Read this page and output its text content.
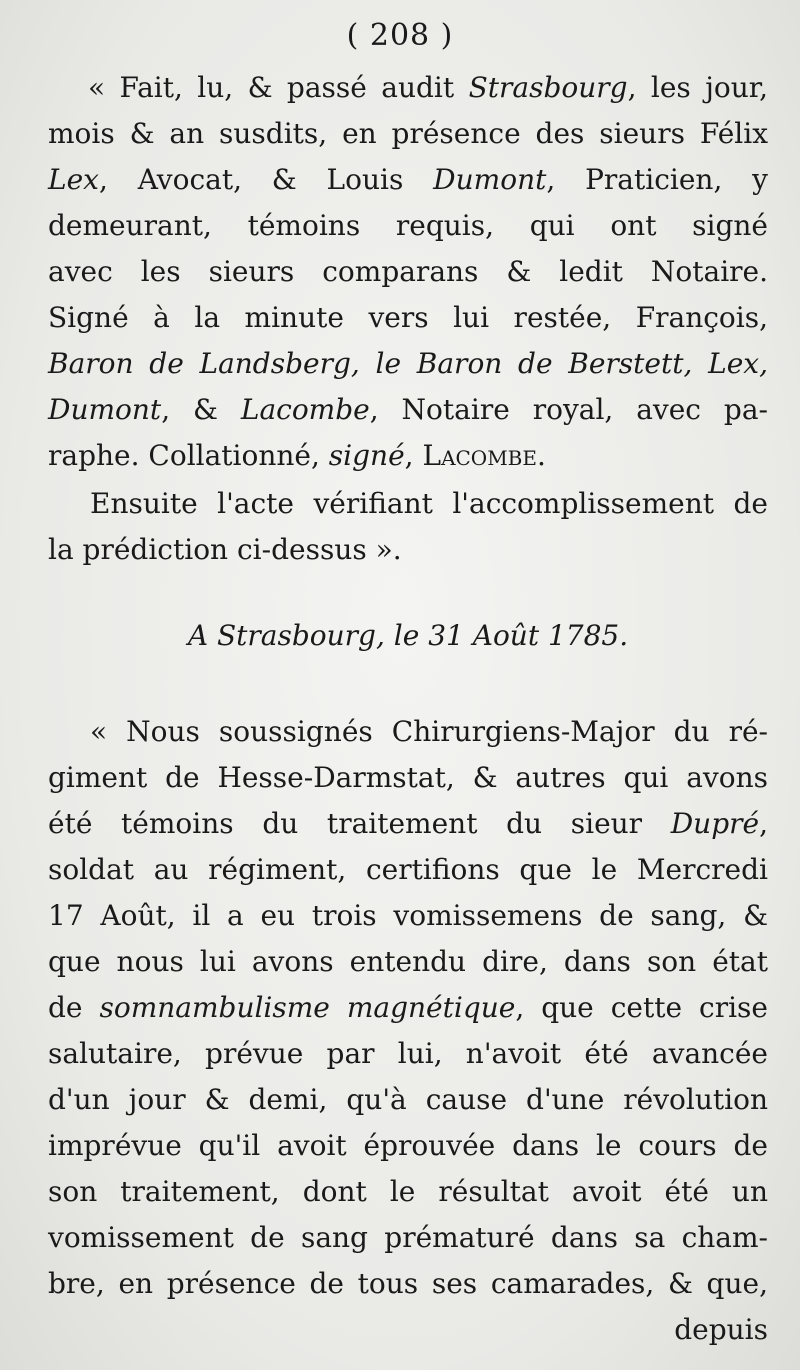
( 208 )
« Fait, lu, & passé audit Strasbourg, les jour,
mois & an susdits, en présence des sieurs Félix
Lex, Avocat, & Louis Dumont, Praticien, y
demeurant, témoins requis, qui ont signé
avec les sieurs comparans & ledit Notaire.
Signé à la minute vers lui restée, François,
Baron de Landsberg, le Baron de Berstett, Lex,
Dumont, & Lacombe, Notaire royal, avec pa-
raphe. Collationné, signé, Lacombe.
Ensuite l'acte vérifiant l'accomplissement de
la prédiction ci-dessus ».
A Strasbourg, le 31 Août 1785.
« Nous soussignés Chirurgiens-Major du ré-
giment de Hesse-Darmstat, & autres qui avons
été témoins du traitement du sieur Dupré,
soldat au régiment, certifions que le Mercredi
17 Août, il a eu trois vomissemens de sang, &
que nous lui avons entendu dire, dans son état
de somnambulisme magnétique, que cette crise
salutaire, prévue par lui, n'avoit été avancée
d'un jour & demi, qu'à cause d'une révolution
imprévue qu'il avoit éprouvée dans le cours de
son traitement, dont le résultat avoit été un
vomissement de sang prématuré dans sa cham-
bre, en présence de tous ses camarades, & que,
depuis
